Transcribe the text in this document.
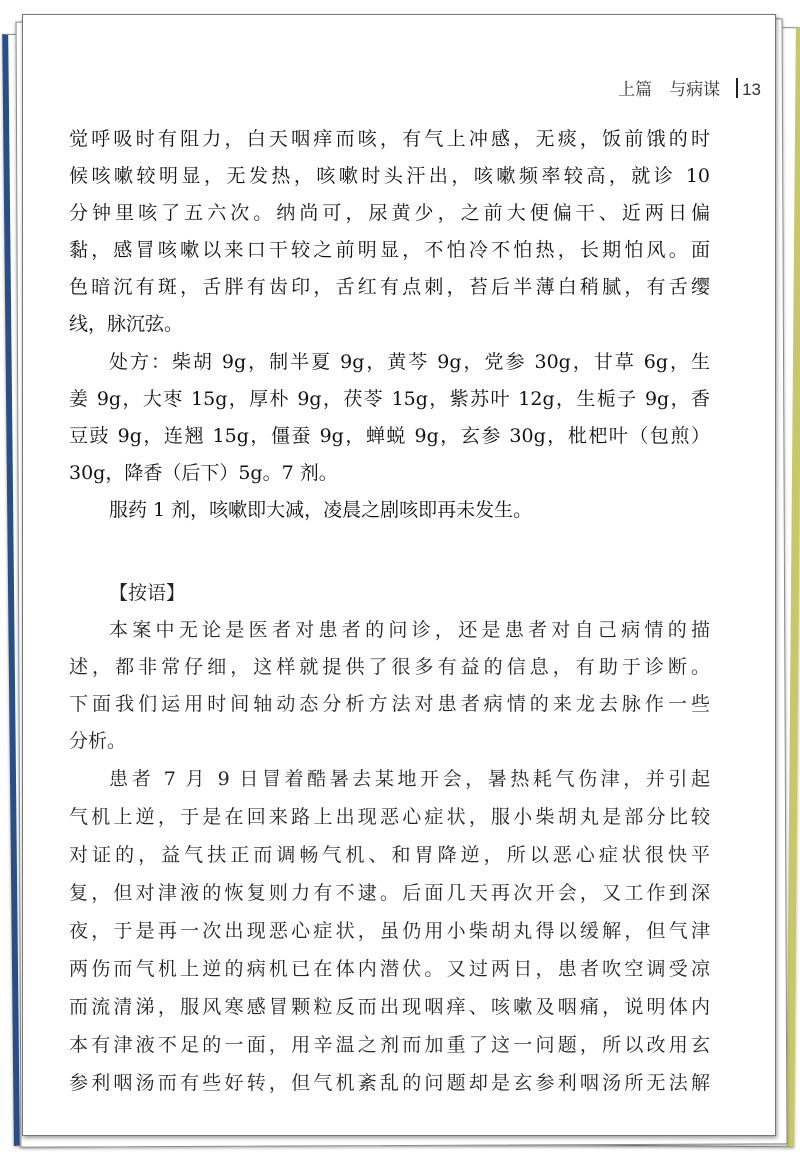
上篇　与病谋 13
觉呼吸时有阻力，白天咽痒而咳，有气上冲感，无痰，饭前饿的时
候咳嗽较明显，无发热，咳嗽时头汗出，咳嗽频率较高，就诊 10
分钟里咳了五六次。纳尚可，尿黄少，之前大便偏干、近两日偏
黏，感冒咳嗽以来口干较之前明显，不怕冷不怕热，长期怕风。面
色暗沉有斑，舌胖有齿印，舌红有点刺，苔后半薄白稍腻，有舌缨
线，脉沉弦。
处方：柴胡 9g，制半夏 9g，黄芩 9g，党参 30g，甘草 6g，生
姜 9g，大枣 15g，厚朴 9g，茯苓 15g，紫苏叶 12g，生栀子 9g，香
豆豉 9g，连翘 15g，僵蚕 9g，蝉蜕 9g，玄参 30g，枇杷叶（包煎）
30g，降香（后下）5g。7 剂。
服药 1 剂，咳嗽即大减，凌晨之剧咳即再未发生。
【按语】
本案中无论是医者对患者的问诊，还是患者对自己病情的描
述，都非常仔细，这样就提供了很多有益的信息，有助于诊断。
下面我们运用时间轴动态分析方法对患者病情的来龙去脉作一些
分析。
患者 7 月 9 日冒着酷暑去某地开会，暑热耗气伤津，并引起
气机上逆，于是在回来路上出现恶心症状，服小柴胡丸是部分比较
对证的，益气扶正而调畅气机、和胃降逆，所以恶心症状很快平
复，但对津液的恢复则力有不逮。后面几天再次开会，又工作到深
夜，于是再一次出现恶心症状，虽仍用小柴胡丸得以缓解，但气津
两伤而气机上逆的病机已在体内潜伏。又过两日，患者吹空调受凉
而流清涕，服风寒感冒颗粒反而出现咽痒、咳嗽及咽痛，说明体内
本有津液不足的一面，用辛温之剂而加重了这一问题，所以改用玄
参利咽汤而有些好转，但气机紊乱的问题却是玄参利咽汤所无法解
